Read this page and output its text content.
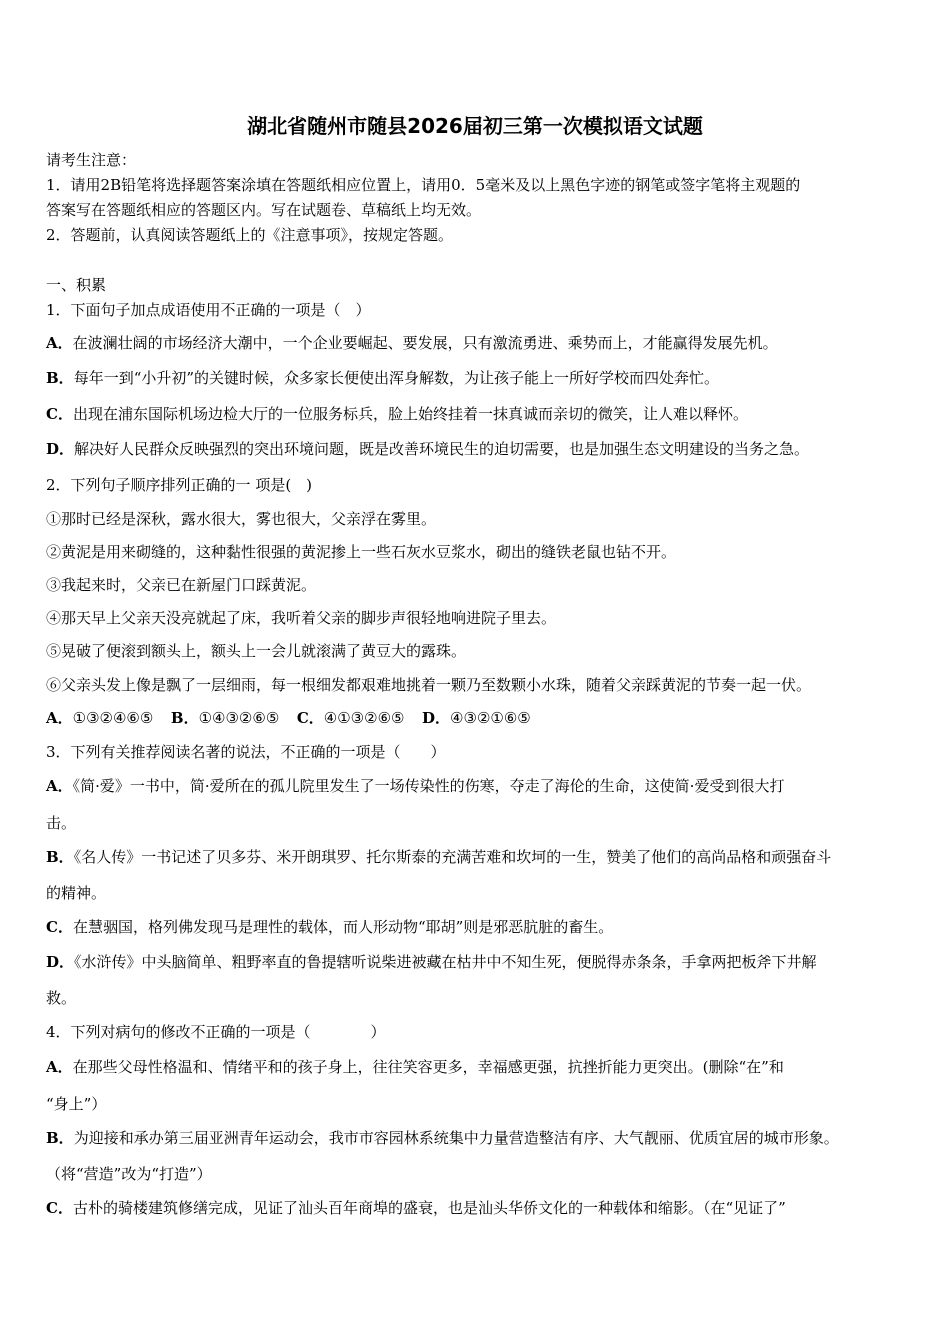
湖北省随州市随县2026届初三第一次模拟语文试题
请考生注意：
1．请用2B铅笔将选择题答案涂填在答题纸相应位置上，请用0．5毫米及以上黑色字迹的钢笔或签字笔将主观题的
答案写在答题纸相应的答题区内。写在试题卷、草稿纸上均无效。
2．答题前，认真阅读答题纸上的《注意事项》，按规定答题。
一、积累
1．下面句子加点成语使用不正确的一项是（　）
A．在波澜壮阔的市场经济大潮中，一个企业要崛起、要发展，只有激流勇进、乘势而上，才能赢得发展先机。
B．每年一到“小升初”的关键时候，众多家长便使出浑身解数，为让孩子能上一所好学校而四处奔忙。
C．出现在浦东国际机场边检大厅的一位服务标兵，脸上始终挂着一抹真诚而亲切的微笑，让人难以释怀。
D．解决好人民群众反映强烈的突出环境问题，既是改善环境民生的迫切需要，也是加强生态文明建设的当务之急。
2．下列句子顺序排列正确的一 项是(　)
①那时已经是深秋，露水很大，雾也很大，父亲浮在雾里。
②黄泥是用来砌缝的，这种黏性很强的黄泥掺上一些石灰水豆浆水，砌出的缝铁老鼠也钻不开。
③我起来时，父亲已在新屋门口踩黄泥。
④那天早上父亲天没亮就起了床，我听着父亲的脚步声很轻地响进院子里去。
⑤晃破了便滚到额头上，额头上一会儿就滚满了黄豆大的露珠。
⑥父亲头发上像是飘了一层细雨，每一根细发都艰难地挑着一颗乃至数颗小水珠，随着父亲踩黄泥的节奏一起一伏。
A．①③②④⑥⑤ B．①④③②⑥⑤ C．④①③②⑥⑤ D．④③②①⑥⑤
3．下列有关推荐阅读名著的说法，不正确的一项是（　　）
A．《简·爱》一书中，简·爱所在的孤儿院里发生了一场传染性的伤寒，夺走了海伦的生命，这使简·爱受到很大打
击。
B．《名人传》一书记述了贝多芬、米开朗琪罗、托尔斯泰的充满苦难和坎坷的一生，赞美了他们的高尚品格和顽强奋斗
的精神。
C．在慧骃国，格列佛发现马是理性的载体，而人形动物“耶胡”则是邪恶肮脏的畜生。
D．《水浒传》中头脑简单、粗野率直的鲁提辖听说柴进被藏在枯井中不知生死，便脱得赤条条，手拿两把板斧下井解
救。
4．下列对病句的修改不正确的一项是（　　　　）
A．在那些父母性格温和、情绪平和的孩子身上，往往笑容更多，幸福感更强，抗挫折能力更突出。(删除“在”和
“身上”）
B．为迎接和承办第三届亚洲青年运动会，我市市容园林系统集中力量营造整洁有序、大气靓丽、优质宜居的城市形象。
（将“营造”改为“打造”）
C．古朴的骑楼建筑修缮完成，见证了汕头百年商埠的盛衰，也是汕头华侨文化的一种载体和缩影。（在“见证了”
